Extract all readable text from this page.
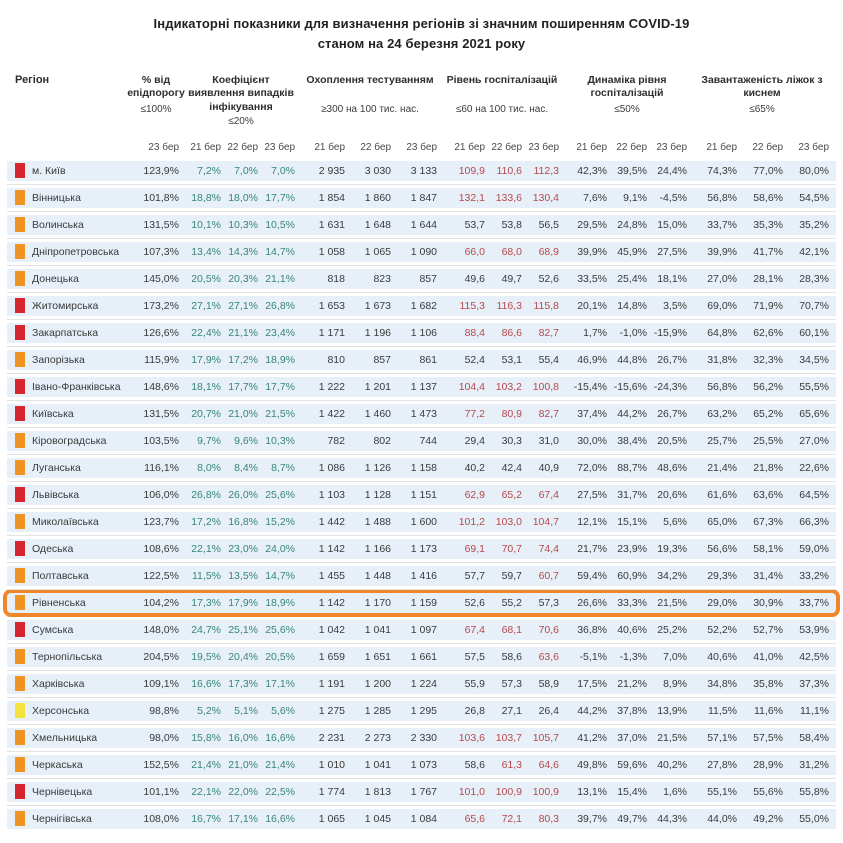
Індикаторні показники для визначення регіонів зі значним поширенням COVID-19
станом на 24 березня 2021 року
Регіон	% від епідпорогу
≤100%
Коефіцієнт виявлення випадків інфікування
≤20%
Охоплення тестуванням
≥300 на 100 тис. нас.
Рівень госпіталізацій
≤60 на 100 тис. нас.
Динаміка рівня госпіталізацій
≤50%
Завантаженість ліжок з киснем
≤65%
23 бер	21 бер 22 бер 23 бер	21 бер	22 бер	23 бер	21 бер 22 бер 23 бер	21 бер 22 бер 23 бер	21 бер	22 бер	23 бер
м. Київ	123,9%	7,2%	7,0%	7,0%	2 935	3 030	3 133	109,9	110,6	112,3	42,3% 39,5% 24,4%	74,3%	77,0%	80,0%
Вінницька	101,8%	18,8% 18,0% 17,7%	1 854	1 860	1 847	132,1	133,6	130,4	7,6%	9,1%	-4,5%	56,8%	58,6%	54,5%
Волинська	131,5%	10,1% 10,3% 10,5%	1 631	1 648	1 644	53,7	53,8	56,5	29,5% 24,8% 15,0%	33,7%	35,3%	35,2%
Дніпропетровська	107,3%	13,4% 14,3% 14,7%	1 058	1 065	1 090	66,0	68,0	68,9	39,9% 45,9% 27,5%	39,9%	41,7%	42,1%
Донецька	145,0%	20,5% 20,3% 21,1%	818	823	857	49,6	49,7	52,6	33,5% 25,4% 18,1%	27,0%	28,1%	28,3%
Житомирська	173,2%	27,1% 27,1% 26,8%	1 653	1 673	1 682	115,3	116,3	115,8	20,1% 14,8%	3,5%	69,0%	71,9%	70,7%
Закарпатська	126,6%	22,4% 21,1% 23,4%	1 171	1 196	1 106	88,4	86,6	82,7	1,7%	-1,0% -15,9%	64,8%	62,6%	60,1%
Запорізька	115,9%	17,9% 17,2% 18,9%	810	857	861	52,4	53,1	55,4	46,9% 44,8% 26,7%	31,8%	32,3%	34,5%
Івано-Франківська	148,6%	18,1% 17,7% 17,7%	1 222	1 201	1 137	104,4	103,2	100,8	-15,4% -15,6% -24,3%	56,8%	56,2%	55,5%
Київська	131,5%	20,7% 21,0% 21,5%	1 422	1 460	1 473	77,2	80,9	82,7	37,4% 44,2% 26,7%	63,2%	65,2%	65,6%
Кіровоградська	103,5%	9,7%	9,6% 10,3%	782	802	744	29,4	30,3	31,0	30,0% 38,4% 20,5%	25,7%	25,5%	27,0%
Луганська	116,1%	8,0%	8,4%	8,7%	1 086	1 126	1 158	40,2	42,4	40,9	72,0% 88,7% 48,6%	21,4%	21,8%	22,6%
Львівська	106,0%	26,8% 26,0% 25,6%	1 103	1 128	1 151	62,9	65,2	67,4	27,5% 31,7% 20,6%	61,6%	63,6%	64,5%
Миколаївська	123,7%	17,2% 16,8% 15,2%	1 442	1 488	1 600	101,2	103,0	104,7	12,1% 15,1%	5,6%	65,0%	67,3%	66,3%
Одеська	108,6%	22,1% 23,0% 24,0%	1 142	1 166	1 173	69,1	70,7	74,4	21,7% 23,9% 19,3%	56,6%	58,1%	59,0%
Полтавська	122,5%	11,5% 13,5% 14,7%	1 455	1 448	1 416	57,7	59,7	60,7	59,4% 60,9% 34,2%	29,3%	31,4%	33,2%
Рівненська	104,2%	17,3% 17,9% 18,9%	1 142	1 170	1 159	52,6	55,2	57,3	26,6% 33,3% 21,5%	29,0%	30,9%	33,7%
Сумська	148,0%	24,7% 25,1% 25,6%	1 042	1 041	1 097	67,4	68,1	70,6	36,8% 40,6% 25,2%	52,2%	52,7%	53,9%
Тернопільська	204,5%	19,5% 20,4% 20,5%	1 659	1 651	1 661	57,5	58,6	63,6	-5,1%	-1,3%	7,0%	40,6%	41,0%	42,5%
Харківська	109,1%	16,6% 17,3% 17,1%	1 191	1 200	1 224	55,9	57,3	58,9	17,5% 21,2%	8,9%	34,8%	35,8%	37,3%
Херсонська	98,8%	5,2%	5,1%	5,6%	1 275	1 285	1 295	26,8	27,1	26,4	44,2% 37,8% 13,9%	11,5%	11,6%	11,1%
Хмельницька	98,0%	15,8% 16,0% 16,6%	2 231	2 273	2 330	103,6	103,7	105,7	41,2% 37,0% 21,5%	57,1%	57,5%	58,4%
Черкаська	152,5%	21,4% 21,0% 21,4%	1 010	1 041	1 073	58,6	61,3	64,6	49,8% 59,6% 40,2%	27,8%	28,9%	31,2%
Чернівецька	101,1%	22,1% 22,0% 22,5%	1 774	1 813	1 767	101,0	100,9	100,9	13,1% 15,4%	1,6%	55,1%	55,6%	55,8%
Чернігівська	108,0%	16,7% 17,1% 16,6%	1 065	1 045	1 084	65,6	72,1	80,3	39,7% 49,7% 44,3%	44,0%	49,2%	55,0%
